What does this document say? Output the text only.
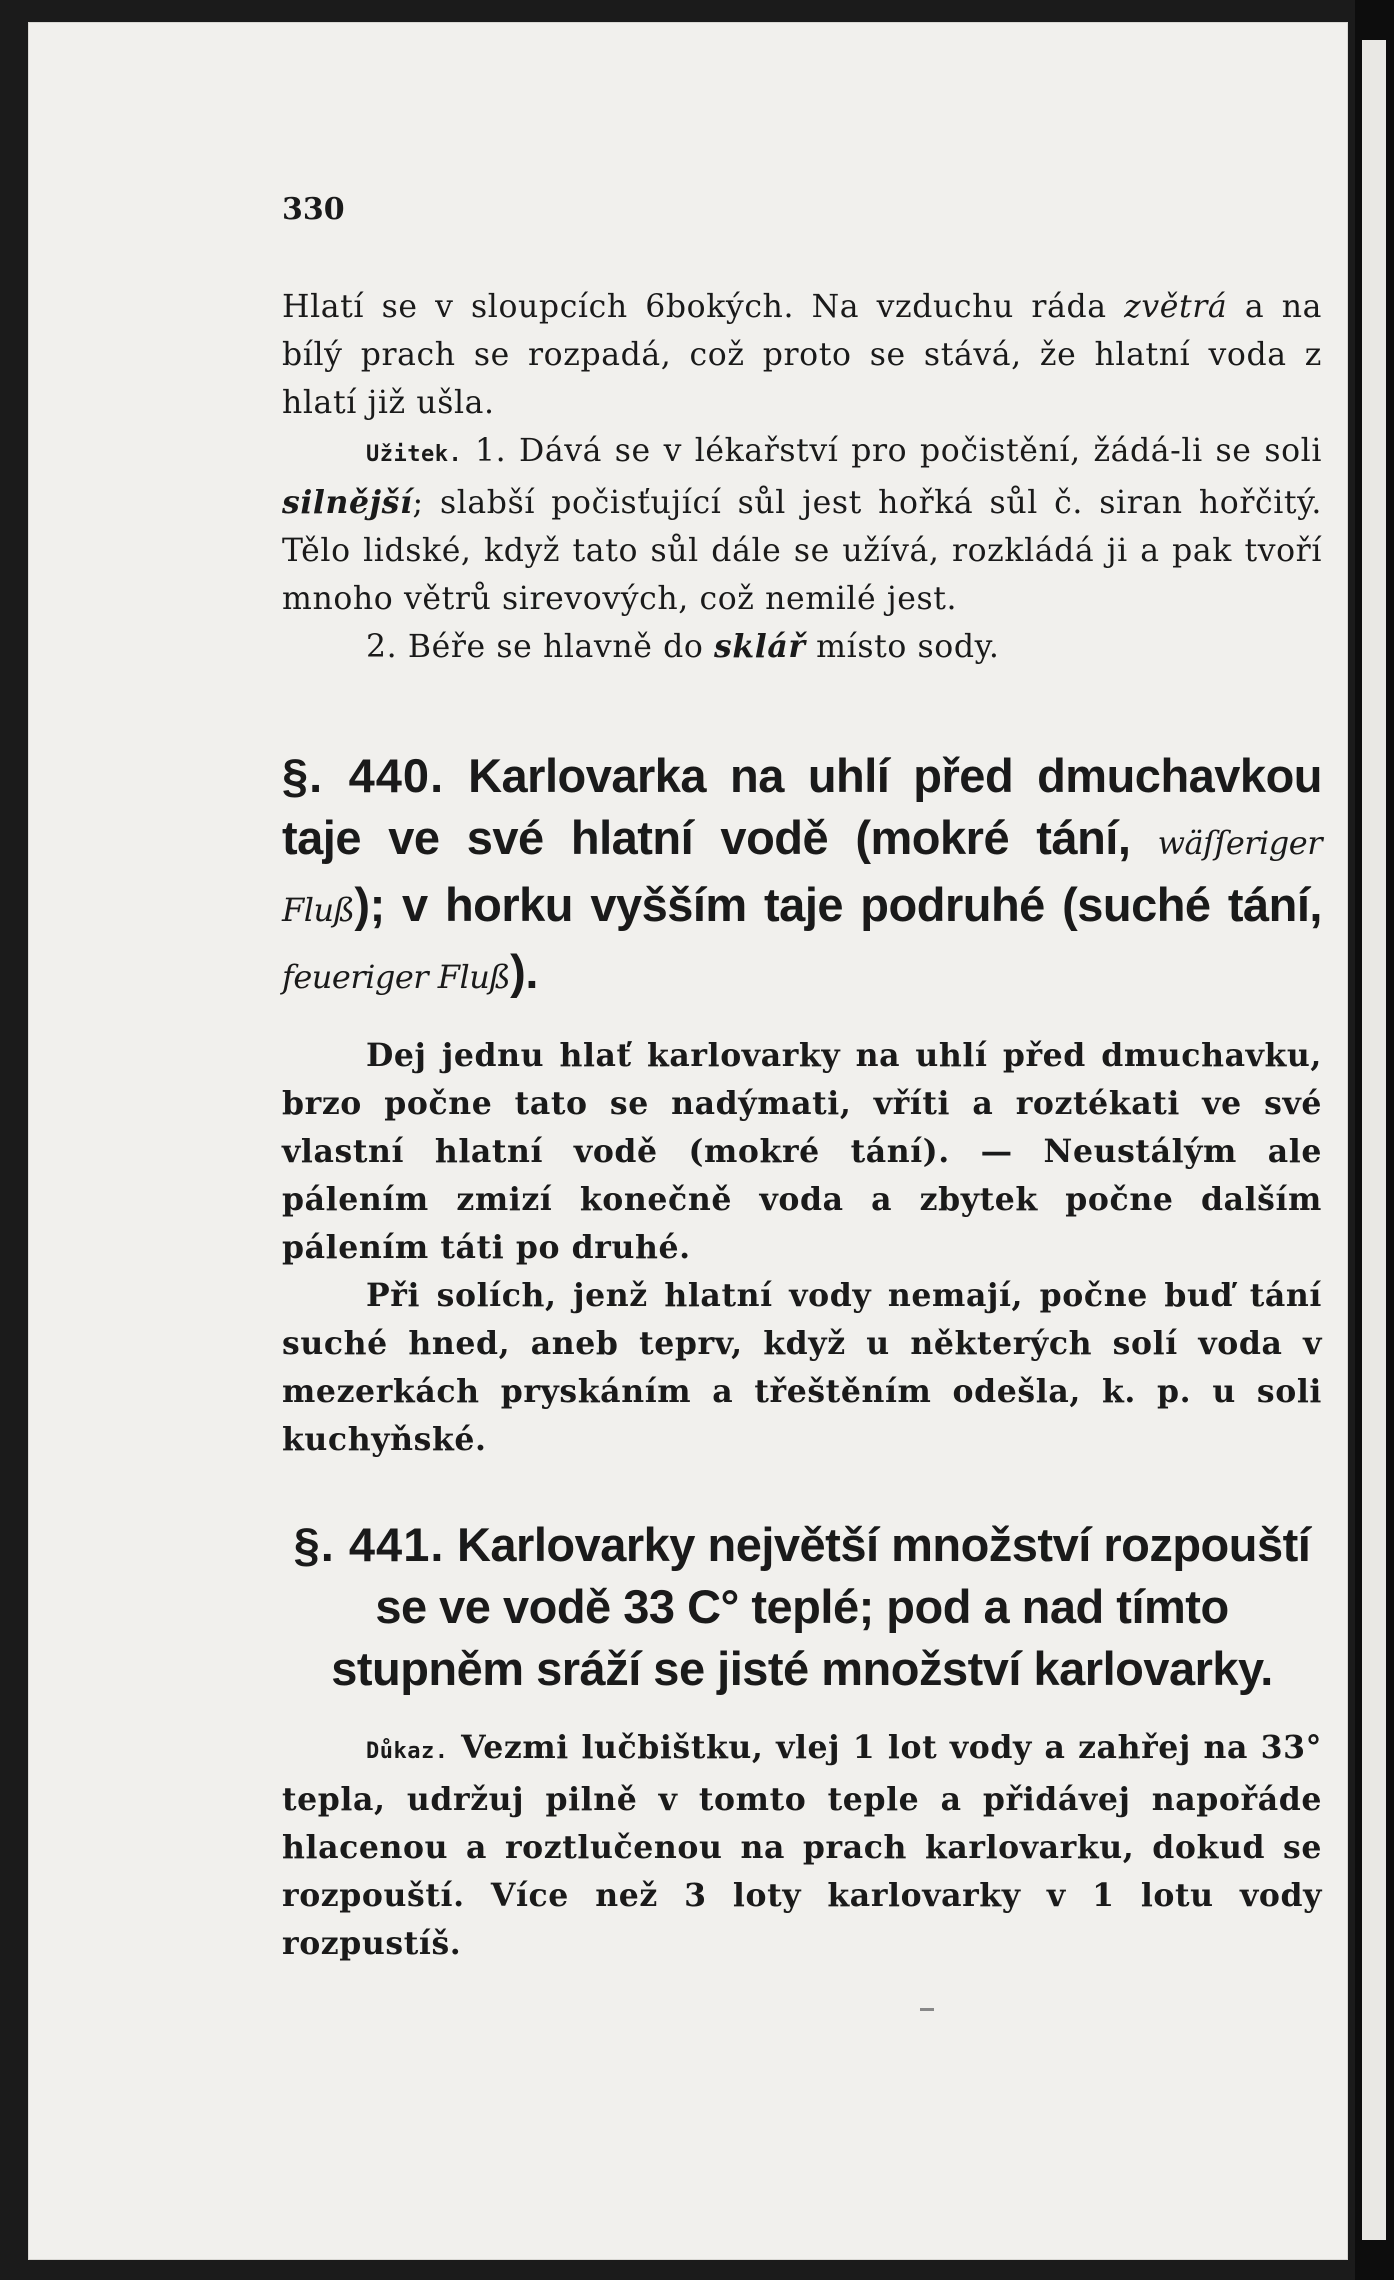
330

Hlatí se v sloupcích 6bokých. Na vzduchu ráda zvětrá a na bílý prach se rozpadá, což proto se stává, že hlatní voda z hlatí již ušla.

Užitek. 1. Dává se v lékařství pro počistění, žádá-li se soli silnější; slabší počisťující sůl jest hořká sůl č. siran hořčitý. Tělo lidské, když tato sůl dále se užívá, rozkládá ji a pak tvoří mnoho větrů sirevových, což nemilé jest.

2. Béře se hlavně do sklář místo sody.

§. 440. Karlovarka na uhlí před dmuchavkou taje ve své hlatní vodě (mokré tání, wäſſeriger Fluß); v horku vyšším taje podruhé (suché tání, feueriger Fluß).

Dej jednu hlať karlovarky na uhlí před dmuchavku, brzo počne tato se nadýmati, vříti a roztékati ve své vlastní hlatní vodě (mokré tání). — Neustálým ale pálením zmizí konečně voda a zbytek počne dalším pálením táti po druhé.

Při solích, jenž hlatní vody nemají, počne buď tání suché hned, aneb teprv, když u některých solí voda v mezerkách pryskáním a třeštěním odešla, k. p. u soli kuchyňské.

§. 441. Karlovarky největší množství rozpouští se ve vodě 33 C° teplé; pod a nad tímto stupněm sráží se jisté množství karlovarky.

Důkaz. Vezmi lučbištku, vlej 1 lot vody a zahřej na 33° tepla, udržuj pilně v tomto teple a přidávej napořáde hlacenou a roztlučenou na prach karlovarku, dokud se rozpouští. Více než 3 loty karlovarky v 1 lotu vody rozpustíš.
